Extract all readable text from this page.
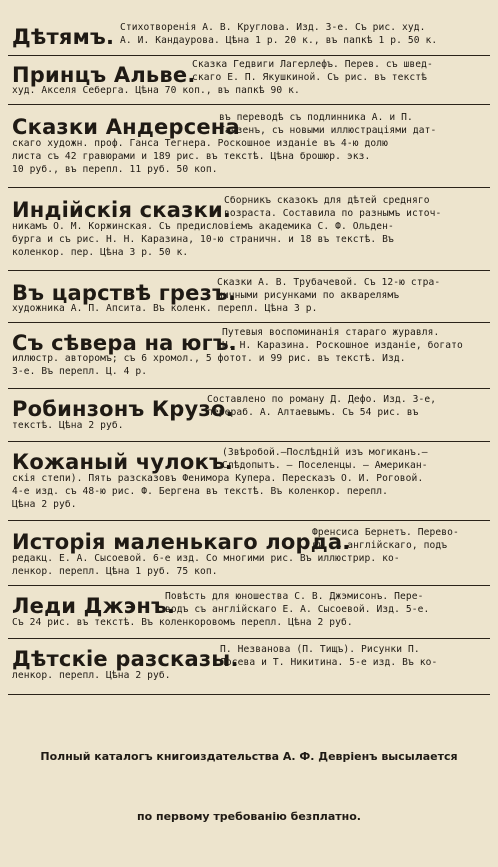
Дѣтямъ. Стихотворенія А. В. Круглова. Изд. 3-е. Съ рис. худ.
А. И. Кандаурова. Цѣна 1 р. 20 к., въ папкѣ 1 р. 50 к.
Принцъ Альве.
Сказка Гедвиги Лагерлефъ. Перев. съ швед-
скаго Е. П. Якушкиной. Съ рис. въ текстѣ
худ. Акселя Себерга. Цѣна 70 коп., въ папкѣ 90 к.
Сказки Андерсена
въ переводѣ съ подлинника А. и П.
Ганзенъ, съ новыми иллюстраціями дат-
скаго художн. проф. Ганса Тегнера. Роскошное изданіе въ 4-ю долю
листа съ 42 гравюрами и 189 рис. въ текстѣ. Цѣна брошюр. экз.
10 руб., въ перепл. 11 руб. 50 коп.
Индійскія сказки.
Сборникъ сказокъ для дѣтей средняго
возраста. Составила по разнымъ источ-
никамъ О. М. Коржинская. Съ предисловіемъ академика С. Ф. Ольден-
бурга и съ рис. Н. Н. Каразина, 10-ю страничн. и 18 въ текстѣ. Въ
коленкор. пер. Цѣна 3 р. 50 к.
Въ царствѣ грезъ.
Сказки А. В. Трубачевой. Съ 12-ю стра-
ничными рисунками по акварелямъ
художника А. П. Апсита. Въ коленк. перепл. Цѣна 3 р.
Съ сѣвера на югъ.
Путевыя воспоминанія стараго журавля.
Н. Н. Каразина. Роскошное изданіе, богато
иллюстр. авторомъ; съ 6 хромол., 5 фотот. и 99 рис. въ текстѣ. Изд.
3-е. Въ перепл. Ц. 4 р.
Робинзонъ Крузо.
Составлено по роману Д. Дефо. Изд. 3-е,
перераб. А. Алтаевымъ. Съ 54 рис. въ
текстѣ. Цѣна 2 руб.
Кожаный чулокъ.
(Звѣробой.—Послѣдній изъ могиканъ.—
Слѣдопытъ. — Поселенцы. — Американ-
скія степи). Пять разсказовъ Фенимора Купера. Пересказъ О. И. Роговой.
4-е изд. съ 48-ю рис. Ф. Бергена въ текстѣ. Въ коленкор. перепл.
Цѣна 2 руб.
Исторія маленькаго лорда.
Френсиса Бернетъ. Перево-
дъ съ англійскаго, подъ
редакц. Е. А. Сысоевой. 6-е изд. Со многими рис. Въ иллюстрир. ко-
ленкор. перепл. Цѣна 1 руб. 75 коп.
Леди Джэнъ.
Повѣсть для юношества С. В. Джэмисонъ. Пере-
водъ съ англійскаго Е. А. Сысоевой. Изд. 5-е.
Съ 24 рис. въ текстѣ. Въ коленкоровомъ перепл. Цѣна 2 руб.
Дѣтскіе разсказы.
П. Незванова (П. Тищъ). Рисунки П.
Лосева и Т. Никитина. 5-е изд. Въ ко-
ленкор. перепл. Цѣна 2 руб.

Полный каталогъ книгоиздательства А. Ф. Девріенъ высылается

по первому требованію безплатно.
